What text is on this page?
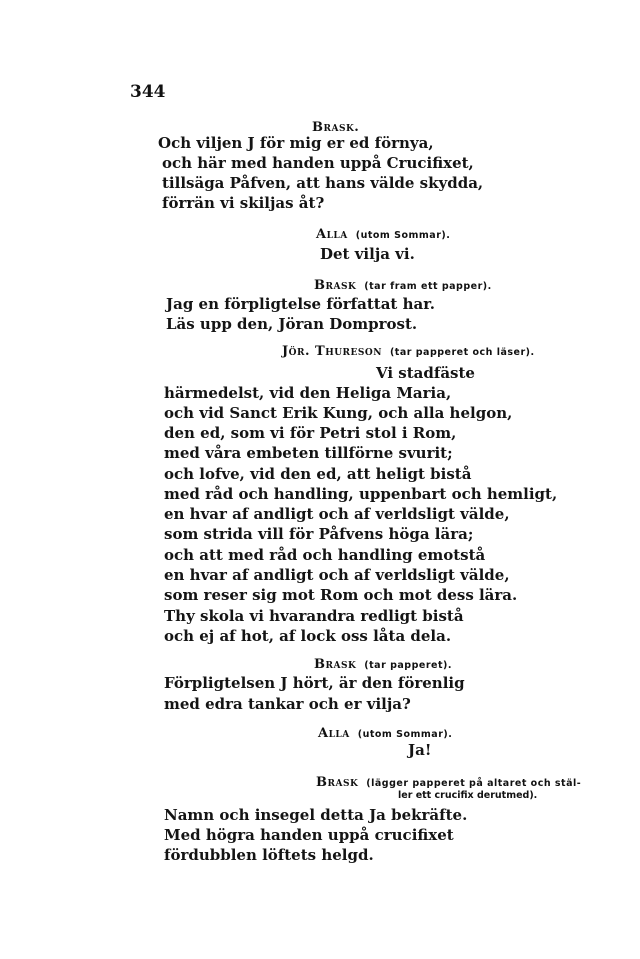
344
Brask.
Och viljen J för mig er ed förnya,
och här med handen uppå Crucifixet,
tillsäga Påfven, att hans välde skydda,
förrän vi skiljas åt?
Alla (utom Sommar).
Det vilja vi.
Brask (tar fram ett papper).
Jag en förpligtelse författat har.
Läs upp den, Jöran Domprost.
Jör. Thureson (tar papperet och läser).
Vi stadfäste
härmedelst, vid den Heliga Maria,
och vid Sanct Erik Kung, och alla helgon,
den ed, som vi för Petri stol i Rom,
med våra embeten tillförne svurit;
och lofve, vid den ed, att heligt bistå
med råd och handling, uppenbart och hemligt,
en hvar af andligt och af verldsligt välde,
som strida vill för Påfvens höga lära;
och att med råd och handling emotstå
en hvar af andligt och af verldsligt välde,
som reser sig mot Rom och mot dess lära.
Thy skola vi hvarandra redligt bistå
och ej af hot, af lock oss låta dela.
Brask (tar papperet).
Förpligtelsen J hört, är den förenlig
med edra tankar och er vilja?
Alla (utom Sommar).
Ja!
Brask (lägger papperet på altaret och stäl-
ler ett crucifix derutmed).
Namn och insegel detta Ja bekräfte.
Med högra handen uppå crucifixet
fördubblen löftets helgd.
